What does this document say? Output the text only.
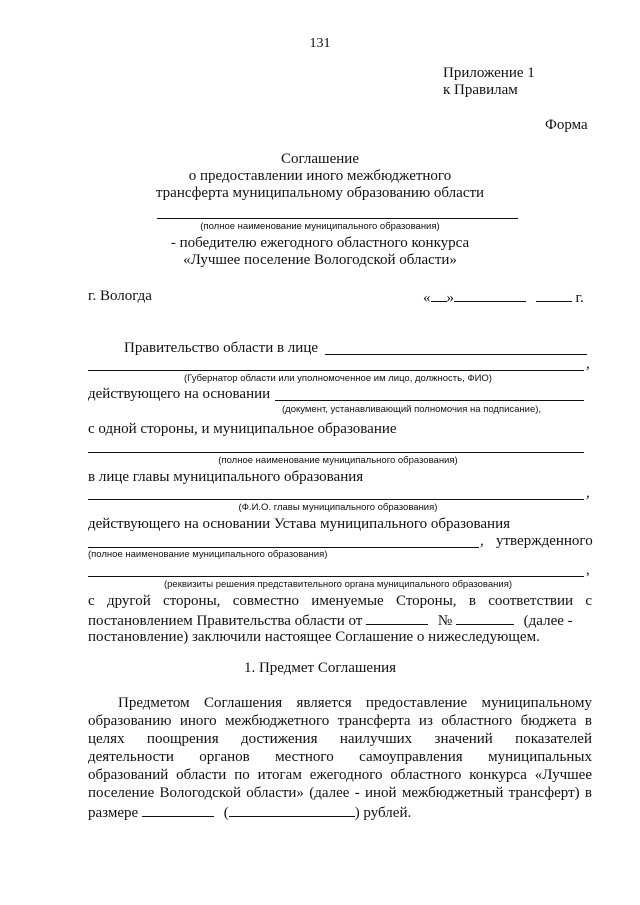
131
Приложение 1
к Правилам
Форма
Соглашение
о предоставлении иного межбюджетного
трансферта муниципальному образованию области
(полное наименование муниципального образования)
- победителю ежегодного областного конкурса
«Лучшее поселение Вологодской области»
г. Вологда	« »	г.
Правительство области в лице
,
(Губернатор области или уполномоченное им лицо, должность, ФИО)
действующего на основании
(документ, устанавливающий полномочия на подписание),
с одной стороны, и муниципальное образование
(полное наименование муниципального образования)
в лице главы муниципального образования
,
(Ф.И.О. главы муниципального образования)
действующего на основании Устава муниципального образования
, утвержденного
(полное наименование муниципального образования)
,
(реквизиты решения представительного органа муниципального образования)
с другой стороны, совместно именуемые Стороны, в соответствии с
постановлением Правительства области от	№	(далее -
постановление) заключили настоящее Соглашение о нижеследующем.
1. Предмет Соглашения
Предметом Соглашения является предоставление муниципальному
образованию иного межбюджетного трансферта из областного бюджета в
целях поощрения достижения наилучших значений показателей
деятельности органов местного самоуправления муниципальных
образований области по итогам ежегодного областного конкурса «Лучшее
поселение Вологодской области» (далее - иной межбюджетный трансферт) в
размере	(	) рублей.
